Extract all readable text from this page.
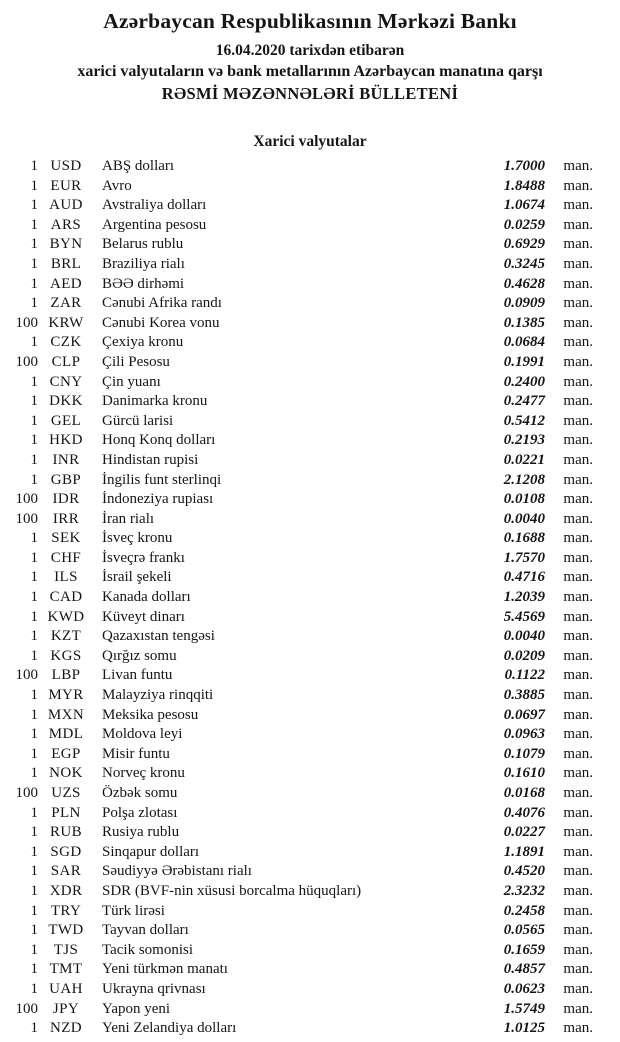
Azərbaycan Respublikasının Mərkəzi Bankı
16.04.2020 tarixdən etibarən
xarici valyutaların və bank metallarının Azərbaycan manatına qarşı
RƏSMİ MƏZƏNNƏLƏRİ BÜLLETENİ
Xarici valyutalar
1 USD	ABŞ dolları	1.7000	man.
1 EUR	Avro	1.8488	man.
1 AUD	Avstraliya dolları	1.0674	man.
1 ARS	Argentina pesosu	0.0259	man.
1 BYN	Belarus rublu	0.6929	man.
1 BRL	Braziliya rialı	0.3245	man.
1 AED	BƏƏ dirhəmi	0.4628	man.
1 ZAR	Cənubi Afrika randı	0.0909	man.
100 KRW	Cənubi Korea vonu	0.1385	man.
1 CZK	Çexiya kronu	0.0684	man.
100 CLP	Çili Pesosu	0.1991	man.
1 CNY	Çin yuanı	0.2400	man.
1 DKK	Danimarka kronu	0.2477	man.
1 GEL	Gürcü larisi	0.5412	man.
1 HKD	Honq Konq dolları	0.2193	man.
1 INR	Hindistan rupisi	0.0221	man.
1 GBP	İngilis funt sterlinqi	2.1208	man.
100 IDR	İndoneziya rupiası	0.0108	man.
100 IRR	İran rialı	0.0040	man.
1 SEK	İsveç kronu	0.1688	man.
1 CHF	İsveçrə frankı	1.7570	man.
1	ILS	İsrail şekeli	0.4716	man.
1 CAD	Kanada dolları	1.2039	man.
1 KWD	Küveyt dinarı	5.4569	man.
1 KZT	Qazaxıstan tengəsi	0.0040	man.
1 KGS	Qırğız somu	0.0209	man.
100 LBP	Livan funtu	0.1122	man.
1 MYR	Malayziya rinqqiti	0.3885	man.
1 MXN	Meksika pesosu	0.0697	man.
1 MDL	Moldova leyi	0.0963	man.
1 EGP	Misir funtu	0.1079	man.
1 NOK	Norveç kronu	0.1610	man.
100 UZS	Özbək somu	0.0168	man.
1 PLN	Polşa zlotası	0.4076	man.
1 RUB	Rusiya rublu	0.0227	man.
1 SGD	Sinqapur dolları	1.1891	man.
1 SAR	Səudiyyə Ərəbistanı rialı	0.4520	man.
1 XDR	SDR (BVF-nin xüsusi borcalma hüquqları)	2.3232	man.
1 TRY	Türk lirəsi	0.2458	man.
1 TWD	Tayvan dolları	0.0565	man.
1	TJS	Tacik somonisi	0.1659	man.
1 TMT	Yeni türkmən manatı	0.4857	man.
1 UAH	Ukrayna qrivnası	0.0623	man.
100 JPY	Yapon yeni	1.5749	man.
1 NZD	Yeni Zelandiya dolları	1.0125	man.
